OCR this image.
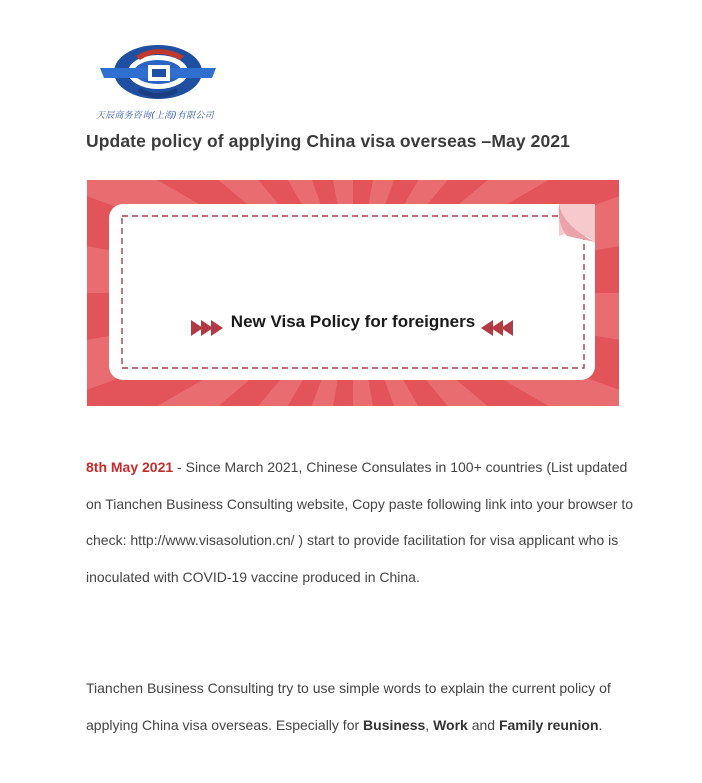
天辰商务咨询(上海)有限公司
Update policy of applying China visa overseas –May 2021
New Visa Policy for foreigners
8th May 2021 - Since March 2021, Chinese Consulates in 100+ countries (List updated on Tianchen Business Consulting website, Copy paste following link into your browser to check: http://www.visasolution.cn/ ) start to provide facilitation for visa applicant who is inoculated with COVID-19 vaccine produced in China.
Tianchen Business Consulting try to use simple words to explain the current policy of applying China visa overseas. Especially for Business, Work and Family reunion.
